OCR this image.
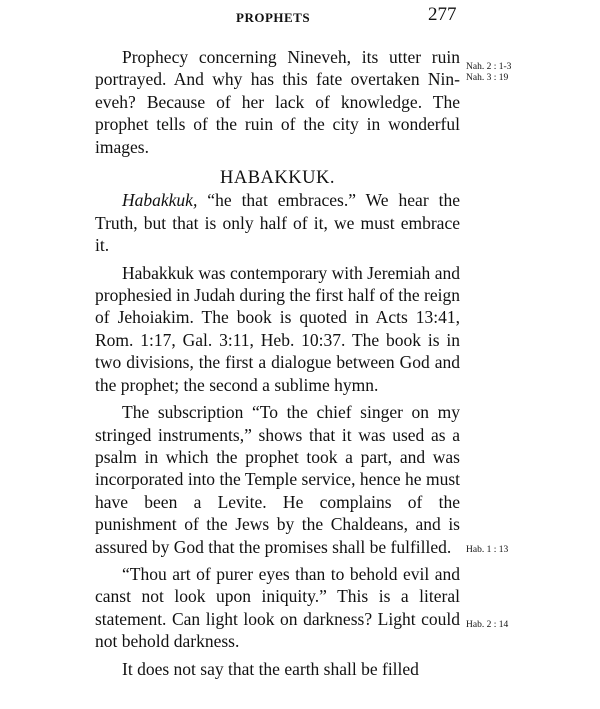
PROPHETS	277
Nah. 2 : 1-3
Nah. 3 : 19
Hab. 1 : 13
Hab. 2 : 14

Prophecy concerning Nineveh, its utter ruin portrayed. And why has this fate overtaken Nineveh? Because of her lack of knowledge. The prophet tells of the ruin of the city in wonderful images.

HABAKKUK.

Habakkuk, “he that embraces.” We hear the Truth, but that is only half of it, we must embrace it.

Habakkuk was contemporary with Jeremiah and prophesied in Judah during the first half of the reign of Jehoiakim. The book is quoted in Acts 13:41, Rom. 1:17, Gal. 3:11, Heb. 10:37. The book is in two divisions, the first a dialogue between God and the prophet; the second a sublime hymn.

The subscription “To the chief singer on my stringed instruments,” shows that it was used as a psalm in which the prophet took a part, and was incorporated into the Temple service, hence he must have been a Levite. He complains of the punishment of the Jews by the Chaldeans, and is assured by God that the promises shall be fulfilled.

“Thou art of purer eyes than to behold evil and canst not look upon iniquity.” This is a literal statement. Can light look on darkness? Light could not behold darkness.

It does not say that the earth shall be filled
